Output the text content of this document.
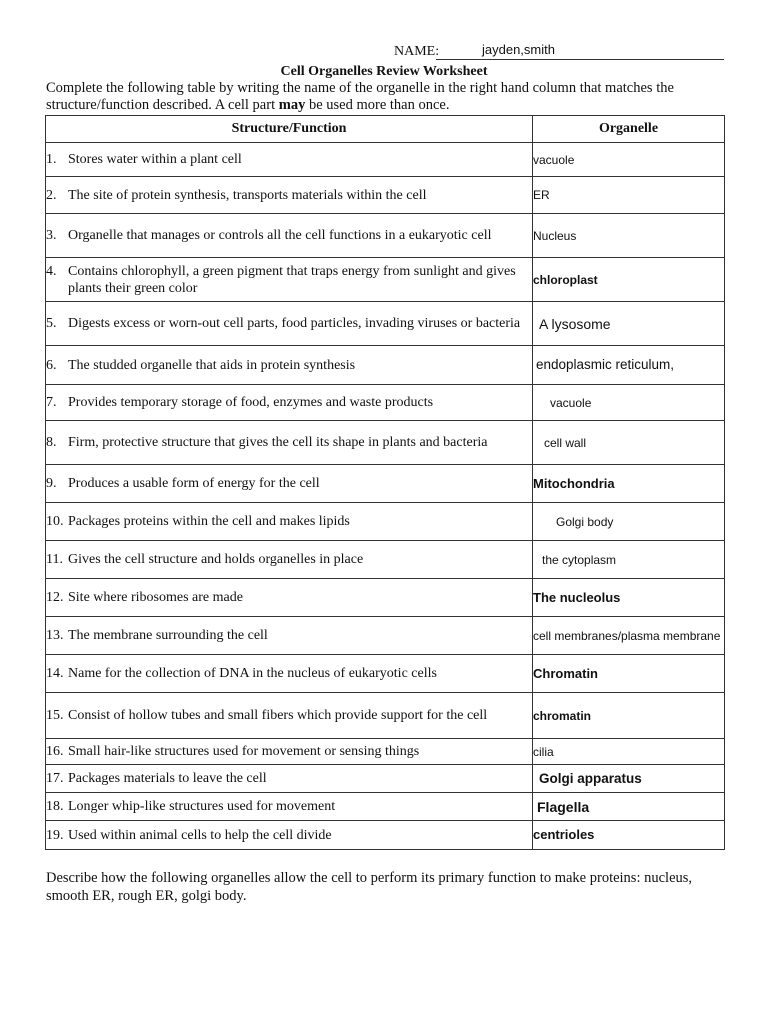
NAME:	jayden,smith
Cell Organelles Review Worksheet
Complete the following table by writing the name of the organelle in the right hand column that matches the structure/function described. A cell part may be used more than once.
Structure/Function	Organelle

1. Stores water within a plant cell	vacuole

2. The site of protein synthesis, transports materials within the cell	ER

3. Organelle that manages or controls all the cell functions in a eukaryotic cell	Nucleus

4. Contains chlorophyll, a green pigment that traps energy from sunlight and gives plants their green color	chloroplast

5. Digests excess or worn-out cell parts, food particles, invading viruses or bacteria	A lysosome

6. The studded organelle that aids in protein synthesis	endoplasmic reticulum,

7. Provides temporary storage of food, enzymes and waste products	vacuole

8. Firm, protective structure that gives the cell its shape in plants and bacteria	cell wall

9. Produces a usable form of energy for the cell	Mitochondria

10. Packages proteins within the cell and makes lipids	Golgi body

11. Gives the cell structure and holds organelles in place	the cytoplasm

12. Site where ribosomes are made	The nucleolus

13. The membrane surrounding the cell	cell membranes/plasma membrane

14. Name for the collection of DNA in the nucleus of eukaryotic cells	Chromatin

15. Consist of hollow tubes and small fibers which provide support for the cell	chromatin

16. Small hair-like structures used for movement or sensing things	cilia

17. Packages materials to leave the cell	Golgi apparatus

18. Longer whip-like structures used for movement	Flagella

19. Used within animal cells to help the cell divide	centrioles
Describe how the following organelles allow the cell to perform its primary function to make proteins: nucleus, smooth ER, rough ER, golgi body.
